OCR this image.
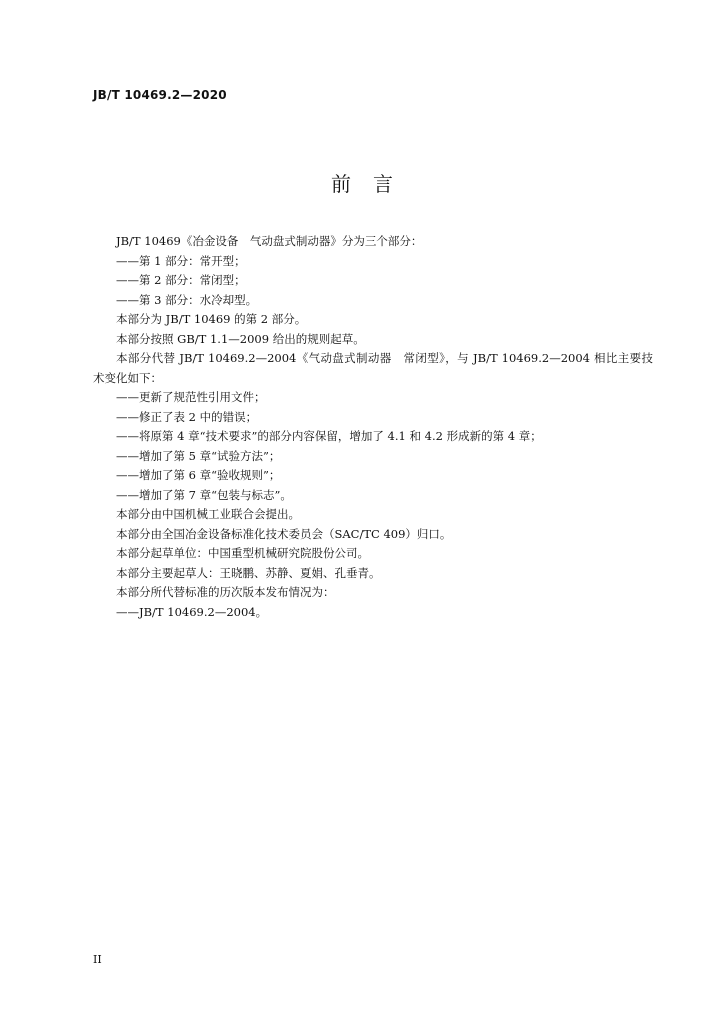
JB/T 10469.2—2020
前言

JB/T 10469《冶金设备　气动盘式制动器》分为三个部分：

——第 1 部分：常开型；

——第 2 部分：常闭型；

——第 3 部分：水冷却型。

本部分为 JB/T 10469 的第 2 部分。

本部分按照 GB/T 1.1—2009 给出的规则起草。

本部分代替 JB/T 10469.2—2004《气动盘式制动器　常闭型》，与 JB/T 10469.2—2004 相比主要技术变化如下：

——更新了规范性引用文件；

——修正了表 2 中的错误；

——将原第 4 章“技术要求”的部分内容保留，增加了 4.1 和 4.2 形成新的第 4 章；

——增加了第 5 章“试验方法”；

——增加了第 6 章“验收规则”；

——增加了第 7 章“包装与标志”。

本部分由中国机械工业联合会提出。

本部分由全国冶金设备标准化技术委员会（SAC/TC 409）归口。

本部分起草单位：中国重型机械研究院股份公司。

本部分主要起草人：王晓鹏、苏静、夏娟、孔垂青。

本部分所代替标准的历次版本发布情况为：

——JB/T 10469.2—2004。

II
